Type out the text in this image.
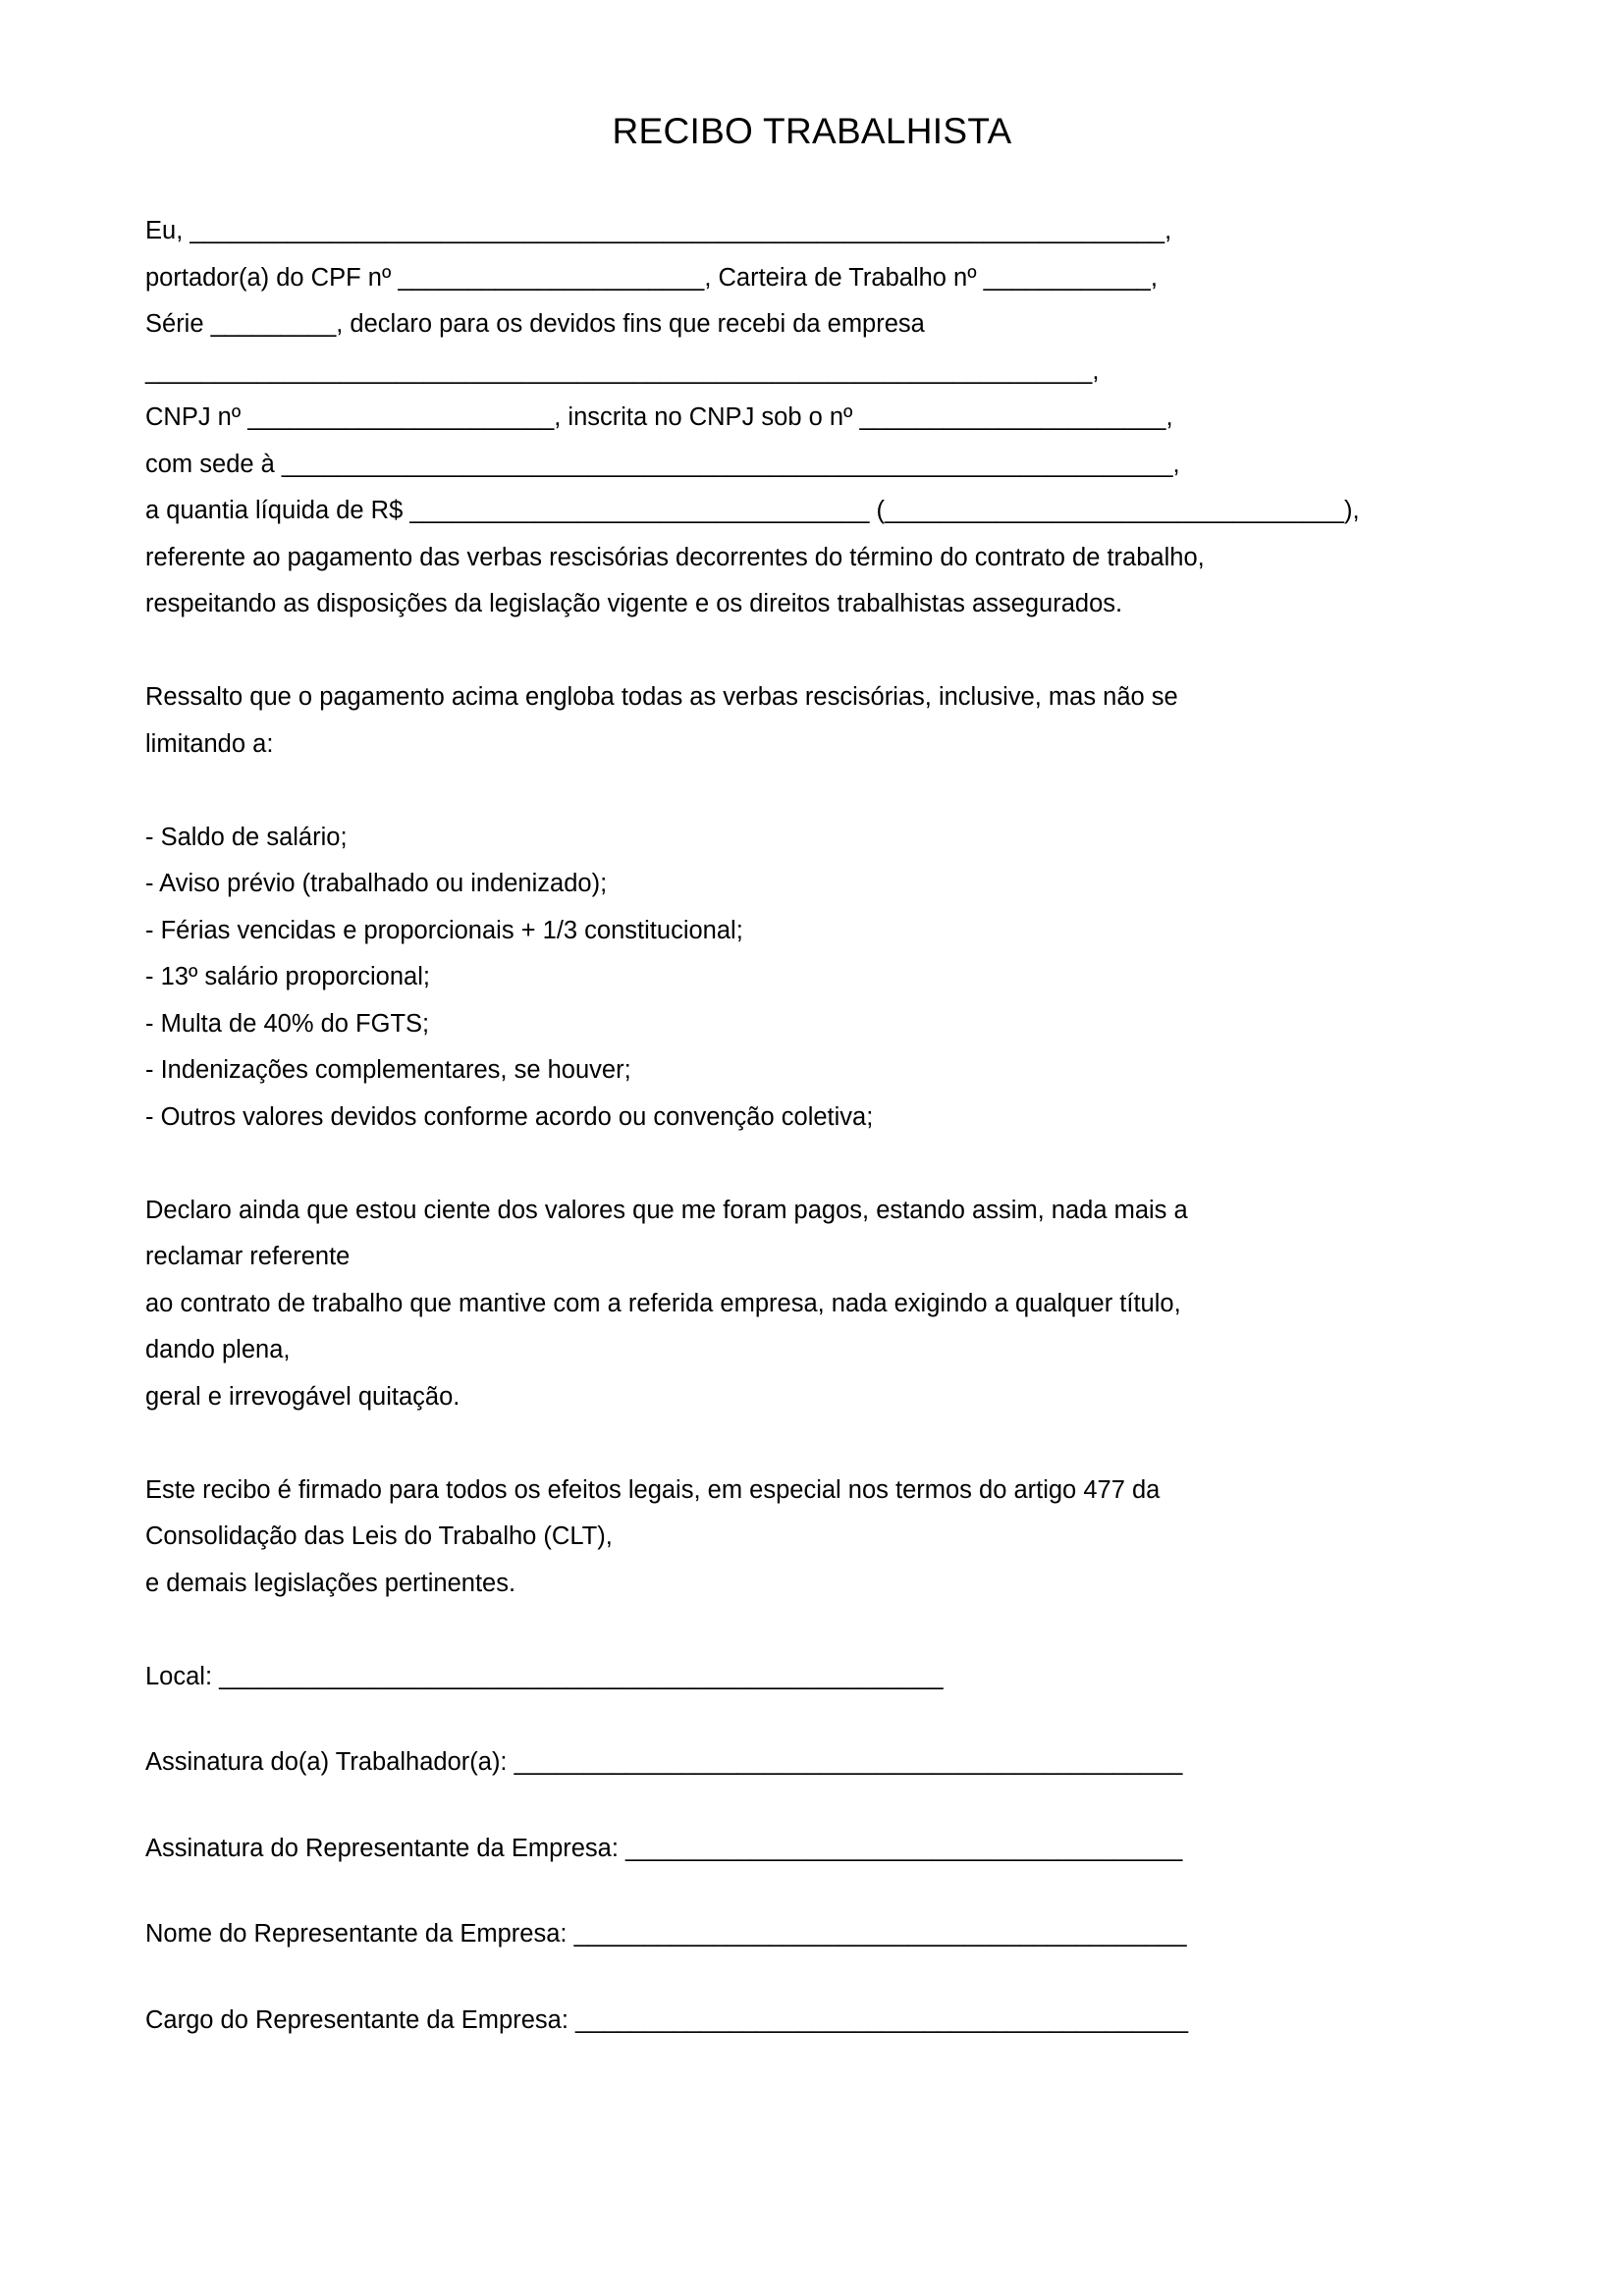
RECIBO TRABALHISTA
Eu, ______________________________________________________________________,
portador(a) do CPF nº ______________________, Carteira de Trabalho nº ____________,
Série _________, declaro para os devidos fins que recebi da empresa
____________________________________________________________________,
CNPJ nº ______________________, inscrita no CNPJ sob o nº ______________________,
com sede à ________________________________________________________________,
a quantia líquida de R$ _________________________________ (_________________________________),
referente ao pagamento das verbas rescisórias decorrentes do término do contrato de trabalho,
respeitando as disposições da legislação vigente e os direitos trabalhistas assegurados.
Ressalto que o pagamento acima engloba todas as verbas rescisórias, inclusive, mas não se
limitando a:
- Saldo de salário;
- Aviso prévio (trabalhado ou indenizado);
- Férias vencidas e proporcionais + 1/3 constitucional;
- 13º salário proporcional;
- Multa de 40% do FGTS;
- Indenizações complementares, se houver;
- Outros valores devidos conforme acordo ou convenção coletiva;
Declaro ainda que estou ciente dos valores que me foram pagos, estando assim, nada mais a
reclamar referente
ao contrato de trabalho que mantive com a referida empresa, nada exigindo a qualquer título,
dando plena,
geral e irrevogável quitação.
Este recibo é firmado para todos os efeitos legais, em especial nos termos do artigo 477 da
Consolidação das Leis do Trabalho (CLT),
e demais legislações pertinentes.
Local: ____________________________________________________
Assinatura do(a) Trabalhador(a): ________________________________________________
Assinatura do Representante da Empresa: ________________________________________
Nome do Representante da Empresa: ____________________________________________
Cargo do Representante da Empresa: ____________________________________________
